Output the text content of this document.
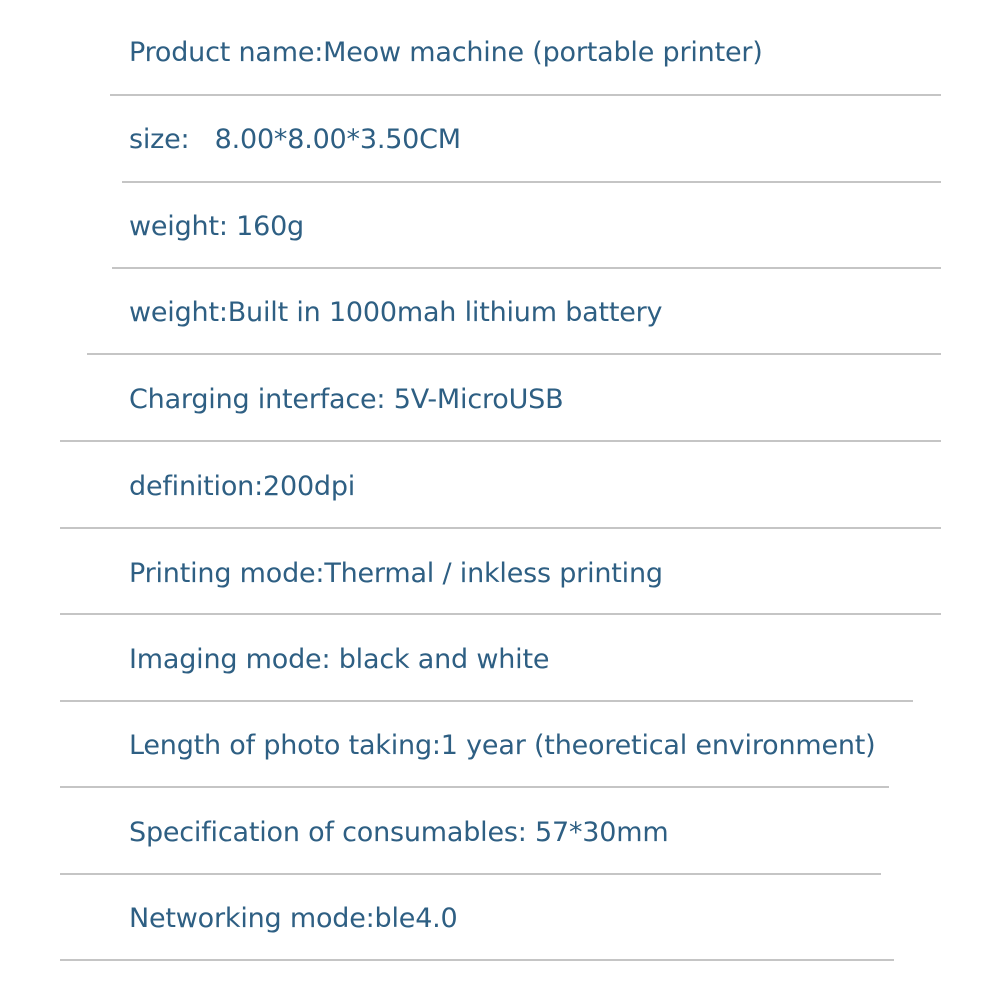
Product name:Meow machine (portable printer)
size:   8.00*8.00*3.50CM
weight: 160g
weight:Built in 1000mah lithium battery
Charging interface: 5V-MicroUSB
definition:200dpi
Printing mode:Thermal / inkless printing
Imaging mode: black and white
Length of photo taking:1 year (theoretical environment)
Specification of consumables: 57*30mm
Networking mode:ble4.0
